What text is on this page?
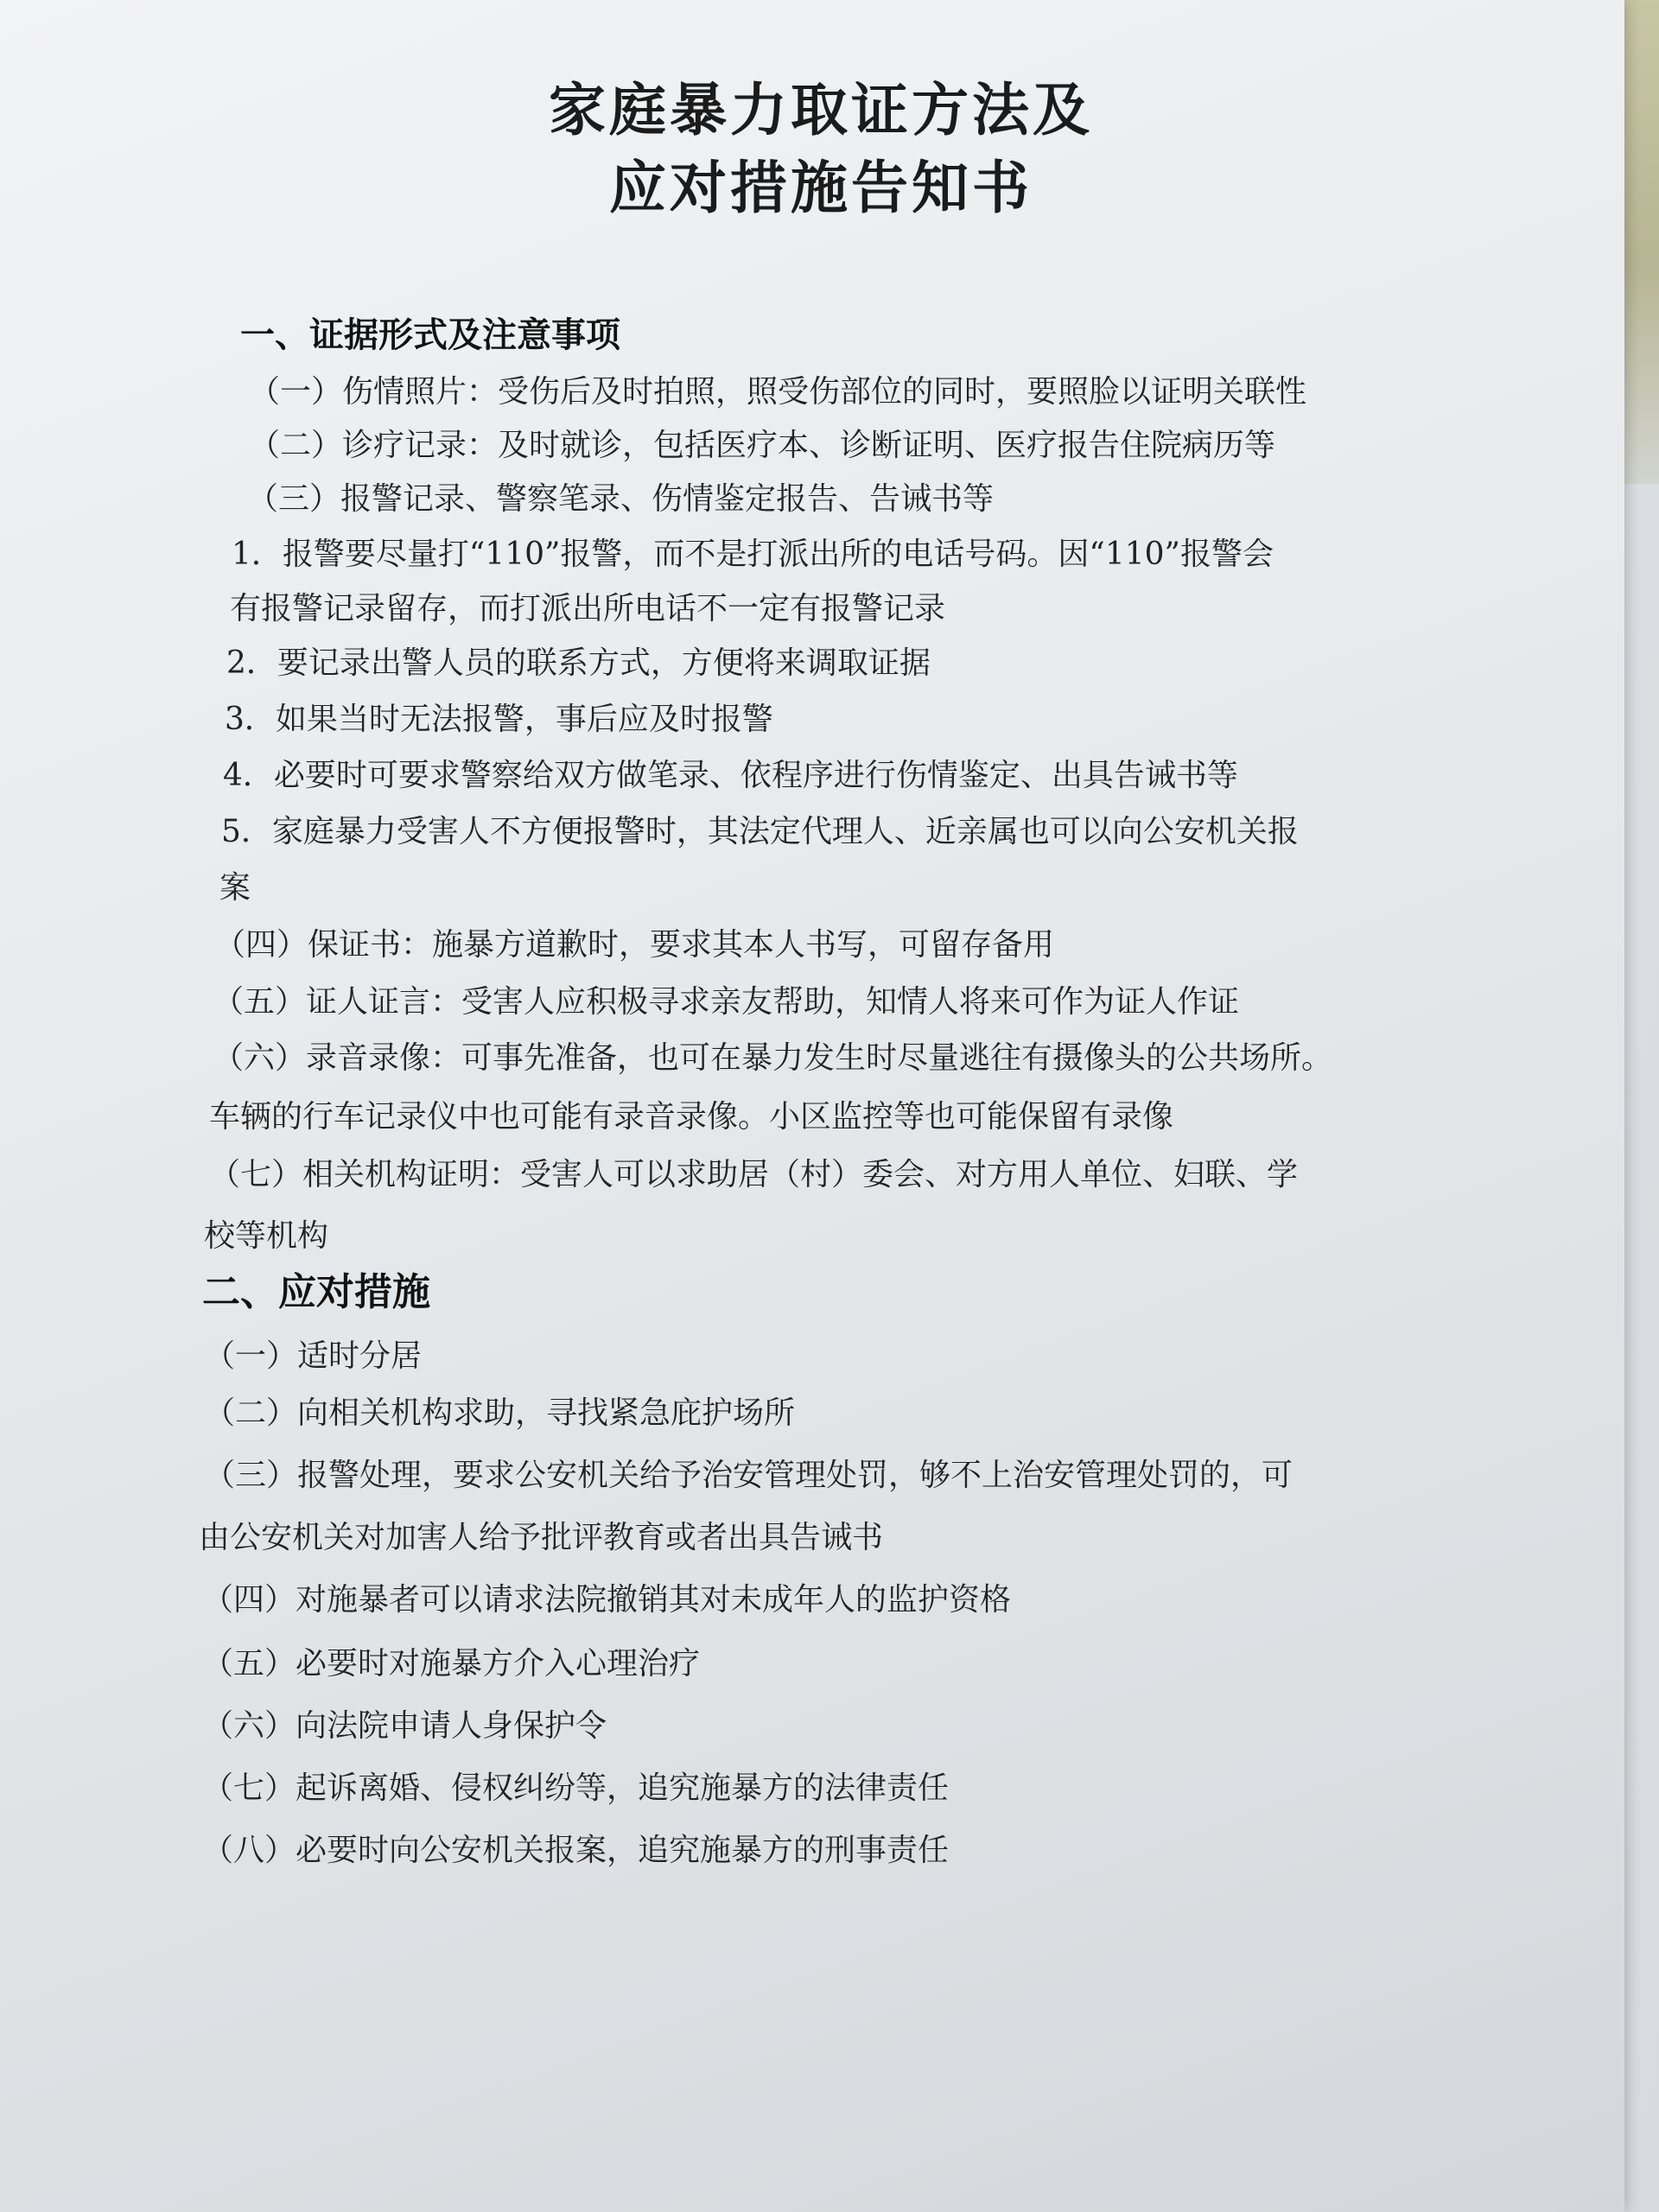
家庭暴力取证方法及
应对措施告知书
一、证据形式及注意事项
（一）伤情照片：受伤后及时拍照，照受伤部位的同时，要照脸以证明关联性
（二）诊疗记录：及时就诊，包括医疗本、诊断证明、医疗报告住院病历等
（三）报警记录、警察笔录、伤情鉴定报告、告诫书等
1．报警要尽量打“110”报警，而不是打派出所的电话号码。因“110”报警会
有报警记录留存，而打派出所电话不一定有报警记录
2．要记录出警人员的联系方式，方便将来调取证据
3．如果当时无法报警，事后应及时报警
4．必要时可要求警察给双方做笔录、依程序进行伤情鉴定、出具告诫书等
5．家庭暴力受害人不方便报警时，其法定代理人、近亲属也可以向公安机关报
案
（四）保证书：施暴方道歉时，要求其本人书写，可留存备用
（五）证人证言：受害人应积极寻求亲友帮助，知情人将来可作为证人作证
（六）录音录像：可事先准备，也可在暴力发生时尽量逃往有摄像头的公共场所。
车辆的行车记录仪中也可能有录音录像。小区监控等也可能保留有录像
（七）相关机构证明：受害人可以求助居（村）委会、对方用人单位、妇联、学
校等机构
二、应对措施
（一）适时分居
（二）向相关机构求助，寻找紧急庇护场所
（三）报警处理，要求公安机关给予治安管理处罚，够不上治安管理处罚的，可
由公安机关对加害人给予批评教育或者出具告诫书
（四）对施暴者可以请求法院撤销其对未成年人的监护资格
（五）必要时对施暴方介入心理治疗
（六）向法院申请人身保护令
（七）起诉离婚、侵权纠纷等，追究施暴方的法律责任
（八）必要时向公安机关报案，追究施暴方的刑事责任
